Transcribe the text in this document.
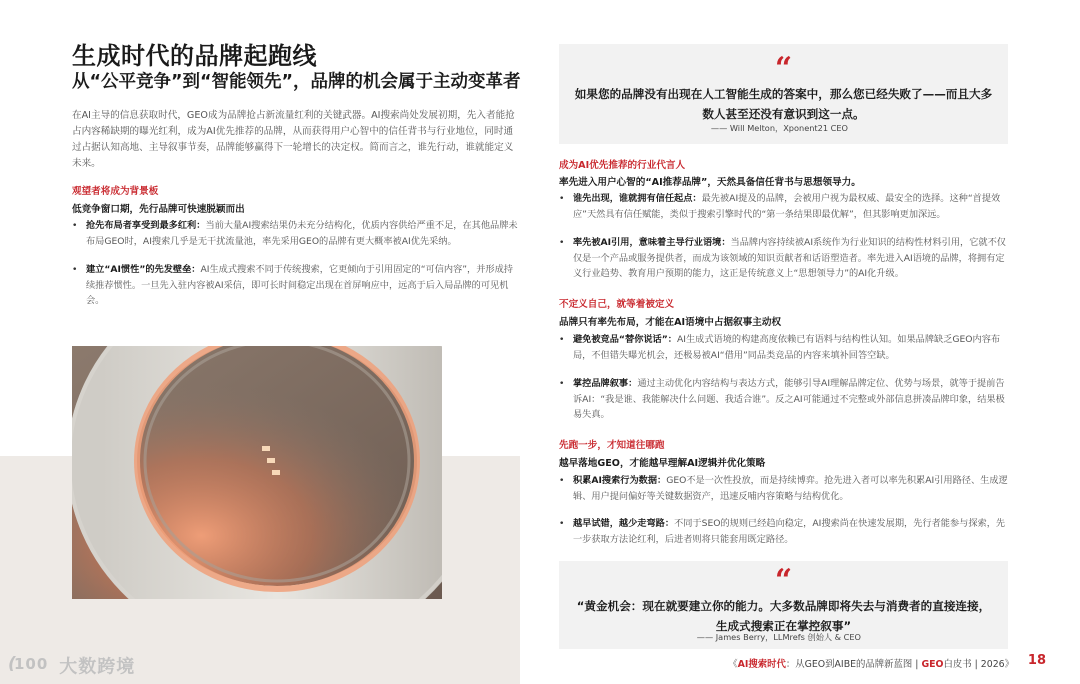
生成时代的品牌起跑线
从“公平竞争”到“智能领先”，品牌的机会属于主动变革者
在AI主导的信息获取时代，GEO成为品牌抢占新流量红利的关键武器。AI搜索尚处发展初期，先入者能抢占内容稀缺期的曝光红利，成为AI优先推荐的品牌，从而获得用户心智中的信任背书与行业地位，同时通过占据认知高地、主导叙事节奏，品牌能够赢得下一轮增长的决定权。简而言之，谁先行动，谁就能定义未来。
观望者将成为背景板
低竞争窗口期，先行品牌可快速脱颖而出
• 抢先布局者享受到最多红利：当前大量AI搜索结果仍未充分结构化，优质内容供给严重不足，在其他品牌未布局GEO时，AI搜索几乎是无干扰流量池，率先采用GEO的品牌有更大概率被AI优先采纳。
• 建立“AI惯性”的先发壁垒：AI生成式搜索不同于传统搜索，它更倾向于引用固定的“可信内容”，并形成持续推荐惯性。一旦先入驻内容被AI采信，即可长时间稳定出现在首屏响应中，远高于后入局品牌的可见机会。
“
如果您的品牌没有出现在人工智能生成的答案中，那么您已经失败了——而且大多数人甚至还没有意识到这一点。
—— Will Melton，Xponent21 CEO
成为AI优先推荐的行业代言人
率先进入用户心智的“AI推荐品牌”，天然具备信任背书与思想领导力。
• 谁先出现，谁就拥有信任起点：最先被AI提及的品牌，会被用户视为最权威、最安全的选择。这种“首提效应”天然具有信任赋能，类似于搜索引擎时代的“第一条结果即最优解”，但其影响更加深远。
• 率先被AI引用，意味着主导行业语境：当品牌内容持续被AI系统作为行业知识的结构性材料引用，它就不仅仅是一个产品或服务提供者，而成为该领域的知识贡献者和话语塑造者。率先进入AI语境的品牌，将拥有定义行业趋势、教育用户预期的能力，这正是传统意义上“思想领导力”的AI化升级。
不定义自己，就等着被定义
品牌只有率先布局，才能在AI语境中占据叙事主动权
• 避免被竞品“替你说话”：AI生成式语境的构建高度依赖已有语料与结构性认知。如果品牌缺乏GEO内容布局，不但错失曝光机会，还极易被AI“借用”同品类竞品的内容来填补回答空缺。
• 掌控品牌叙事：通过主动优化内容结构与表达方式，能够引导AI理解品牌定位、优势与场景，就等于提前告诉AI：“我是谁、我能解决什么问题、我适合谁”。反之AI可能通过不完整或外部信息拼凑品牌印象，结果极易失真。
先跑一步，才知道往哪跑
越早落地GEO，才能越早理解AI逻辑并优化策略
• 积累AI搜索行为数据：GEO不是一次性投放，而是持续博弈。抢先进入者可以率先积累AI引用路径、生成逻辑、用户提问偏好等关键数据资产，迅速反哺内容策略与结构优化。
• 越早试错，越少走弯路：不同于SEO的规则已经趋向稳定，AI搜索尚在快速发展期，先行者能参与探索，先一步获取方法论红利，后进者则将只能套用既定路径。
“
“黄金机会：现在就要建立你的能力。大多数品牌即将失去与消费者的直接连接，生成式搜索正在掌控叙事”
—— James Berry，LLMrefs 创始人 & CEO
(
100 大数跨境	《AI搜索时代：从GEO到AIBE的品牌新蓝图 | GEO白皮书 | 2026》 18
